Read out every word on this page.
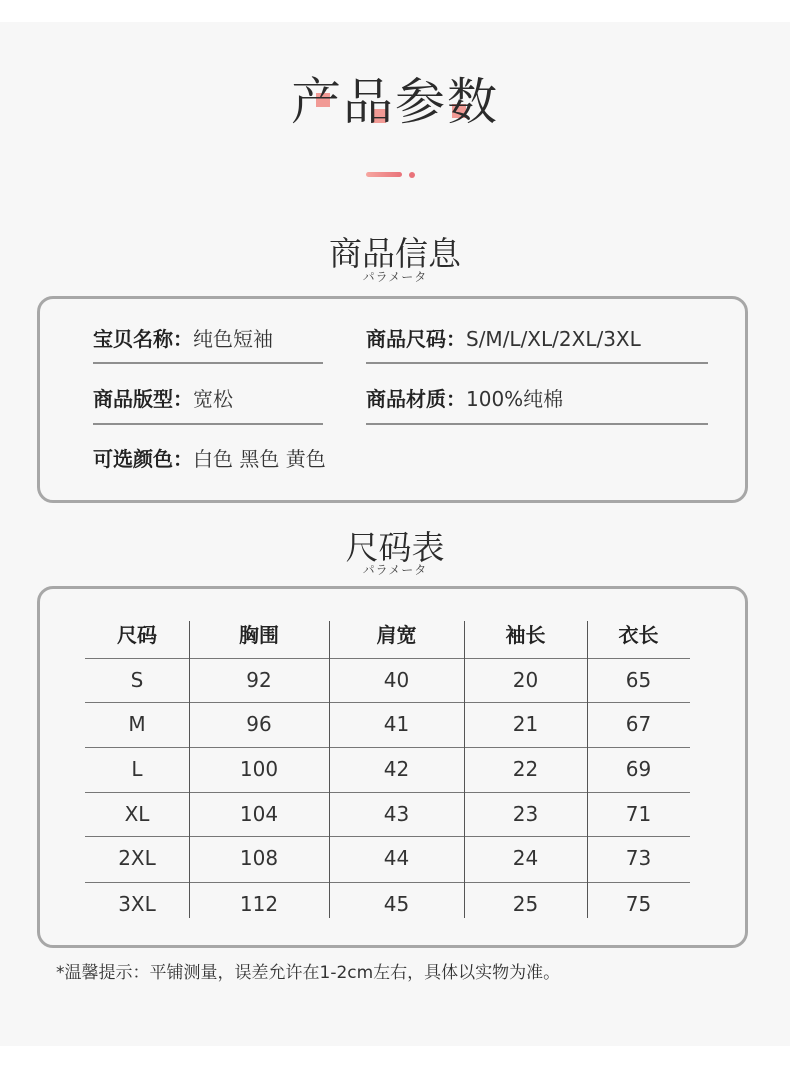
产品参数
商品信息
パラメータ
宝贝名称：纯色短袖	商品尺码：S/M/L/XL/2XL/3XL
商品版型：宽松	商品材质：100%纯棉
可选颜色：白色 黑色 黄色
尺码表
パラメータ
尺码	胸围	肩宽	袖长	衣长
S	92	40	20	65
M	96	41	21	67
L	100	42	22	69
XL	104	43	23	71
2XL	108	44	24	73
3XL	112	45	25	75
*温馨提示：平铺测量，误差允许在1-2cm左右，具体以实物为准。
